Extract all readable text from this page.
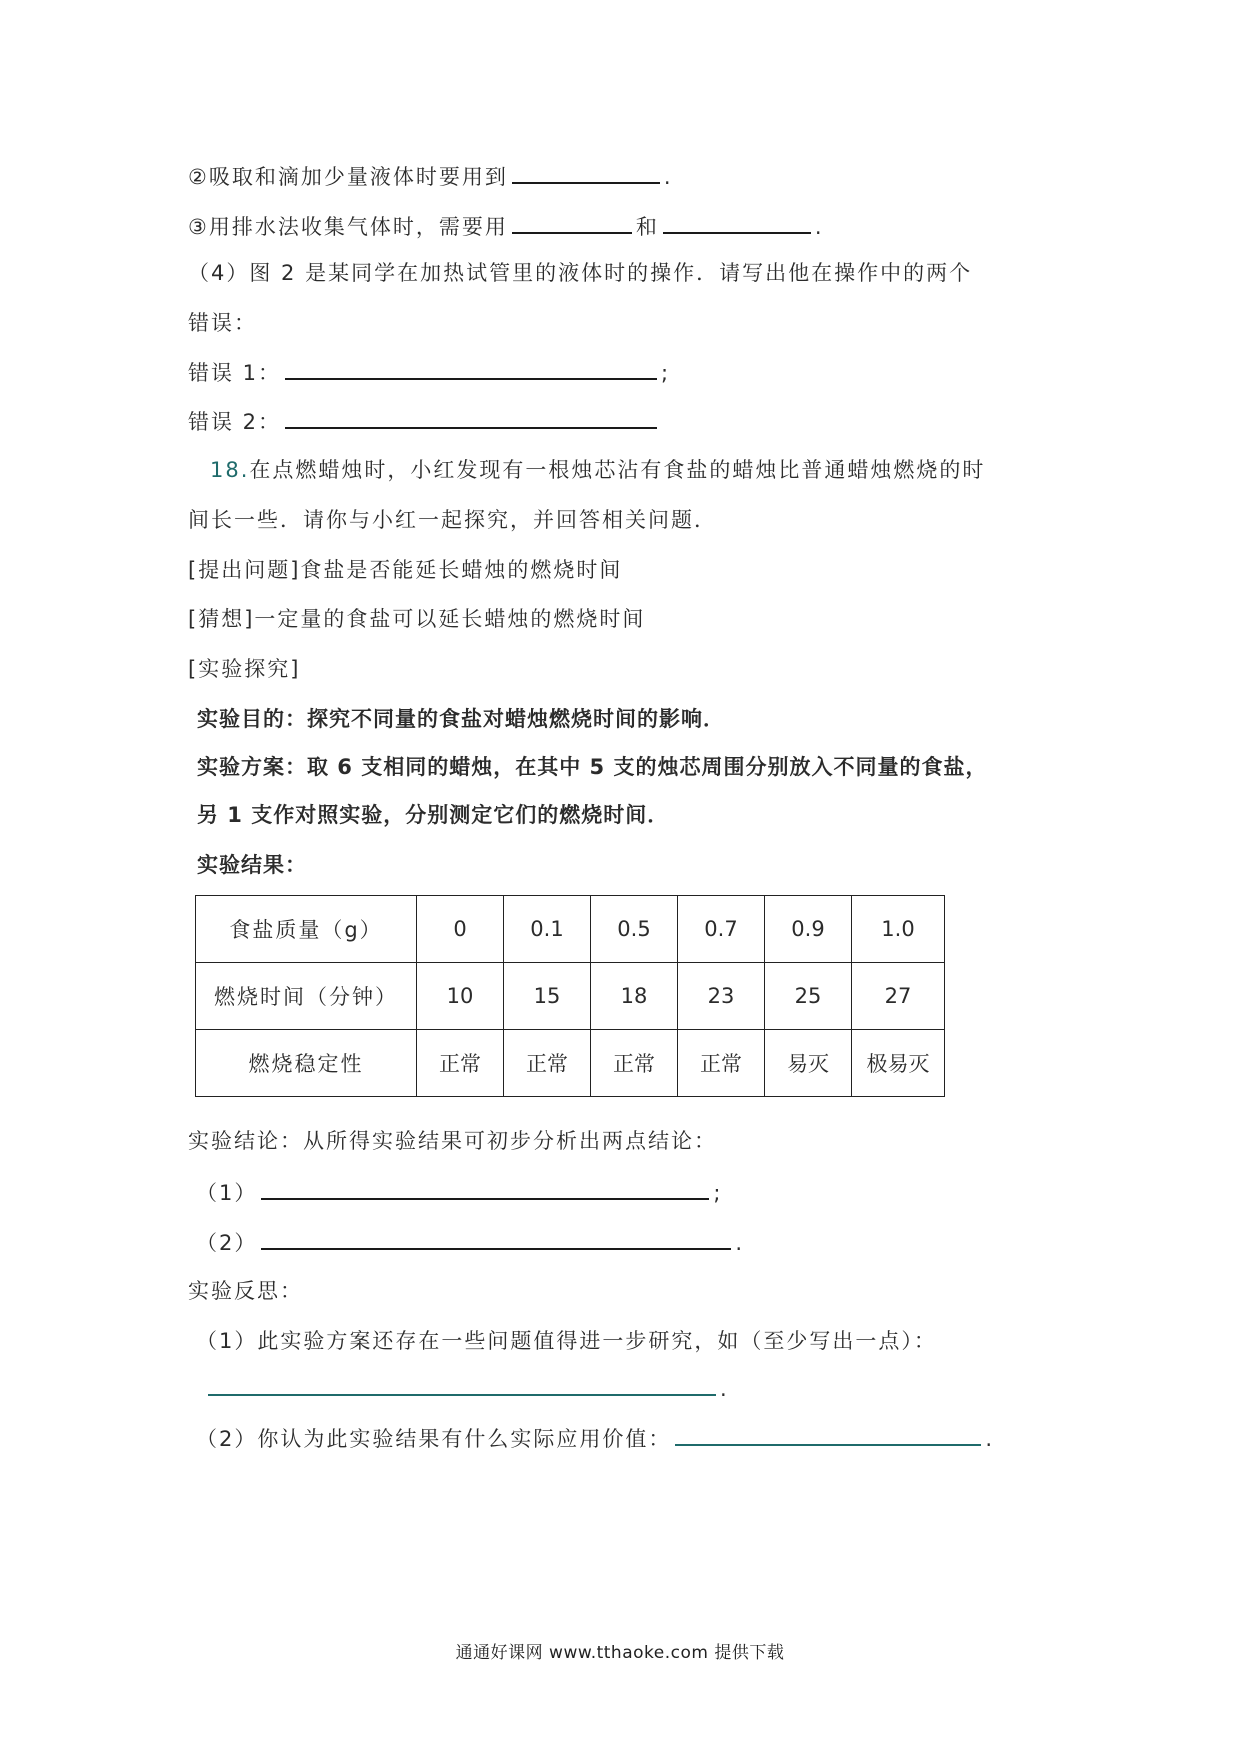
②吸取和滴加少量液体时要用到	.
③用排水法收集气体时，需要用	和	.
（4）图 2 是某同学在加热试管里的液体时的操作．请写出他在操作中的两个
错误：
错误 1：	;
错误 2：
18.在点燃蜡烛时，小红发现有一根烛芯沾有食盐的蜡烛比普通蜡烛燃烧的时
间长一些．请你与小红一起探究，并回答相关问题．
[提出问题]食盐是否能延长蜡烛的燃烧时间
[猜想]一定量的食盐可以延长蜡烛的燃烧时间
[实验探究]
实验目的：探究不同量的食盐对蜡烛燃烧时间的影响．
实验方案：取 6 支相同的蜡烛，在其中 5 支的烛芯周围分别放入不同量的食盐，
另 1 支作对照实验，分别测定它们的燃烧时间．
实验结果：
食盐质量（g）	0	0.1	0.5	0.7	0.9	1.0
燃烧时间（分钟）	10	15	18	23	25	27
燃烧稳定性	正常	正常	正常	正常	易灭	极易灭
实验结论：从所得实验结果可初步分析出两点结论：
（1）	;
（2）	.
实验反思：
（1）此实验方案还存在一些问题值得进一步研究，如（至少写出一点）：
.
（2）你认为此实验结果有什么实际应用价值：	.
通通好课网 www.tthaoke.com 提供下载
